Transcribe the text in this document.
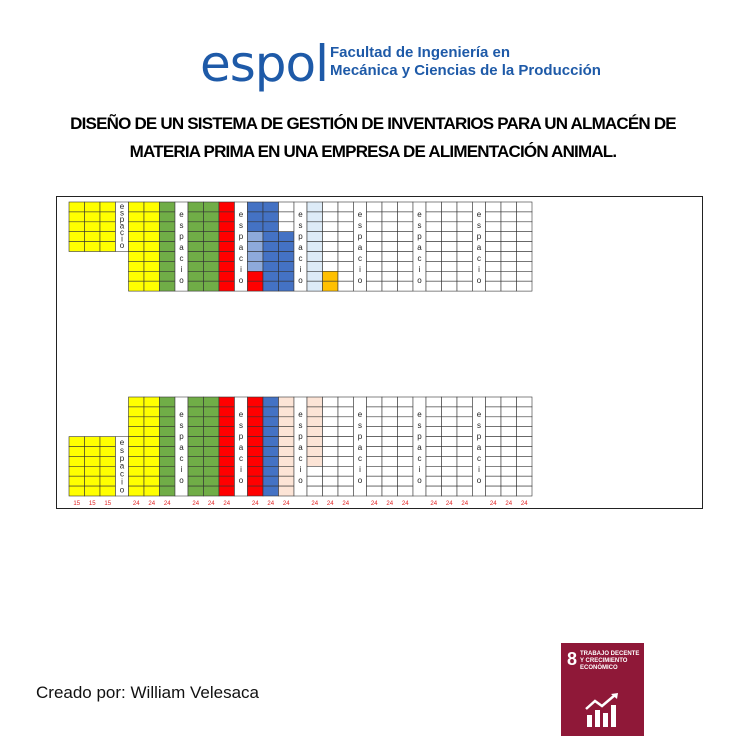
espol Facultad de Ingeniería en
Mecánica y Ciencias de la Producción
DISEÑO DE UN SISTEMA DE GESTIÓN DE INVENTARIOS PARA UN ALMACÉN DE
MATERIA PRIMA EN UNA EMPRESA DE ALIMENTACIÓN ANIMAL.
e
s
p
a
c
i
o
e
s
p
a
c
i
o
e
s
p
a
c
i
o
e
s
p
a
c
i
o
e
s
p
a
c
i
o
e
s
p
a
c
i
o
e
s
p
a
c
i
o
15 15 15
e
s
p
a
c
i
o
24 24 24
e
s
p
a
c
i
o
24 24 24
e
s
p
a
c
i
o
24 24 24
e
s
p
a
c
i
o
24 24 24
e
s
p
a
c
i
o
24 24 24
e
s
p
a
c
i
o
24 24 24
e
s
p
a
c
i
o
24 24 24
Creado por: William Velesaca
8 TRABAJO DECENTE
Y CRECIMIENTO
ECONÓMICO
